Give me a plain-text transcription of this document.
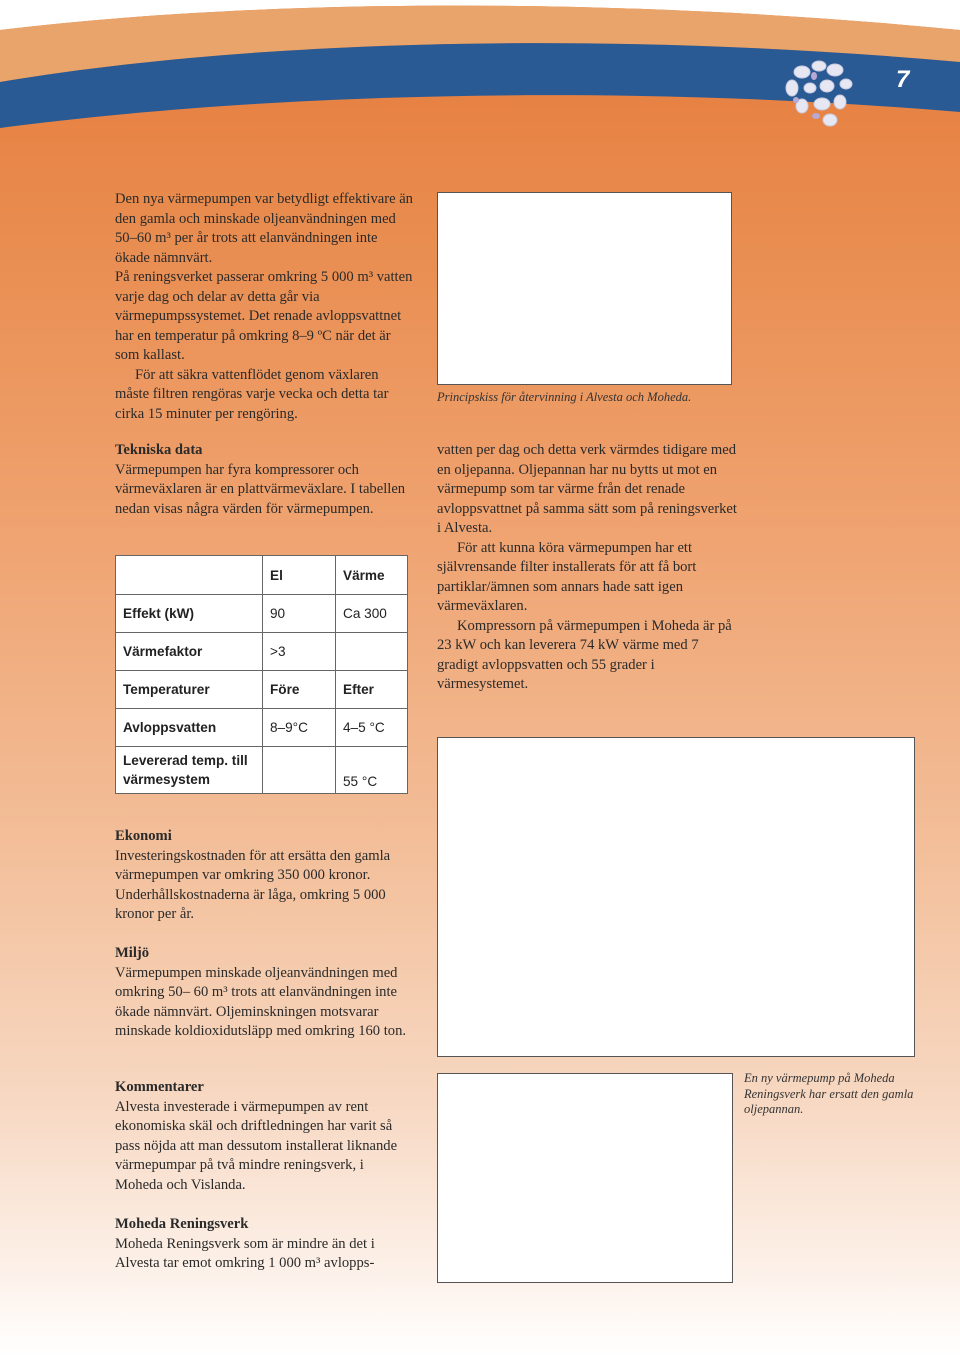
7

Den nya värmepumpen var betydligt effektivare än den gamla och minskade oljeanvändningen med 50–60 m³ per år trots att elanvändningen inte ökade nämnvärt.

På reningsverket passerar omkring 5 000 m³ vatten varje dag och delar av detta går via värmepumpssystemet. Det renade avloppsvattnet har en temperatur på omkring 8–9 ºC när det är som kallast.

För att säkra vattenflödet genom växlaren måste filtren rengöras varje vecka och detta tar cirka 15 minuter per rengöring.

Tekniska data

Värmepumpen har fyra kompressorer och värmeväxlaren är en plattvärmeväxlare. I tabellen nedan visas några värden för värmepumpen.

	El	Värme
Effekt (kW)	90	Ca 300
Värmefaktor	>3	
Temperaturer	Före	Efter
Avloppsvatten	8–9°C	4–5 °C
Levererad temp. till värmesystem		55 °C
Ekonomi

Investeringskostnaden för att ersätta den gamla värmepumpen var omkring 350 000 kronor. Underhållskostnaderna är låga, omkring 5 000 kronor per år.

Miljö

Värmepumpen minskade oljeanvändningen med omkring 50– 60 m³ trots att elanvändningen inte ökade nämnvärt. Oljeminskningen motsvarar minskade koldioxidutsläpp med omkring 160 ton.

Kommentarer

Alvesta investerade i värmepumpen av rent ekonomiska skäl och driftledningen har varit så pass nöjda att man dessutom installerat liknande värmepumpar på två mindre reningsverk, i Moheda och Vislanda.

Moheda Reningsverk

Moheda Reningsverk som är mindre än det i Alvesta tar emot omkring 1 000 m³ avlopps-

Principskiss för återvinning i Alvesta och Moheda.

vatten per dag och detta verk värmdes tidigare med en oljepanna. Oljepannan har nu bytts ut mot en värmepump som tar värme från det renade avloppsvattnet på samma sätt som på reningsverket i Alvesta.

För att kunna köra värmepumpen har ett självrensande filter installerats för att få bort partiklar/ämnen som annars hade satt igen värmeväxlaren.

Kompressorn på värmepumpen i Moheda är på 23 kW och kan leverera 74 kW värme med 7 gradigt avloppsvatten och 55 grader i värmesystemet.

En ny värmepump på Moheda Reningsverk har ersatt den gamla oljepannan.
